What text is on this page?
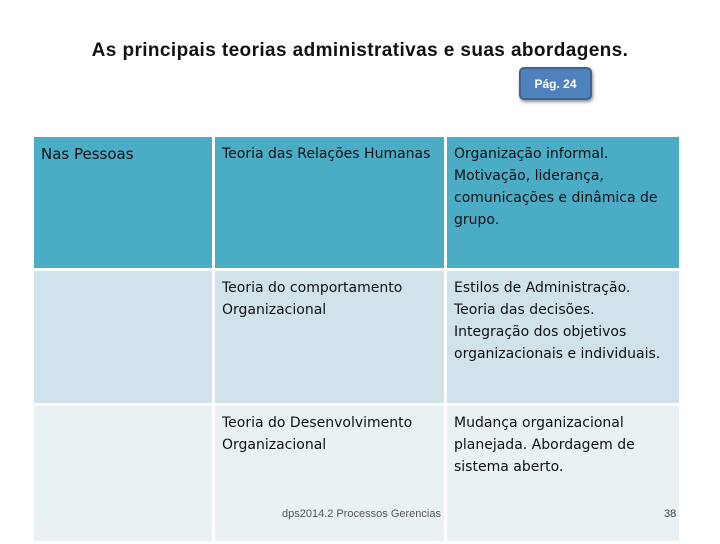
As principais teorias administrativas e suas abordagens.
Pág. 24
Nas Pessoas	Teoria das Relações Humanas	Organização informal. Motivação, liderança, comunicações e dinâmica de grupo.
	Teoria do comportamento Organizacional	Estilos de Administração. Teoria das decisões. Integração dos objetivos organizacionais e individuais.
	Teoria do Desenvolvimento Organizacional	Mudança organizacional planejada. Abordagem de sistema aberto.
dps2014.2 Processos Gerencias	38
